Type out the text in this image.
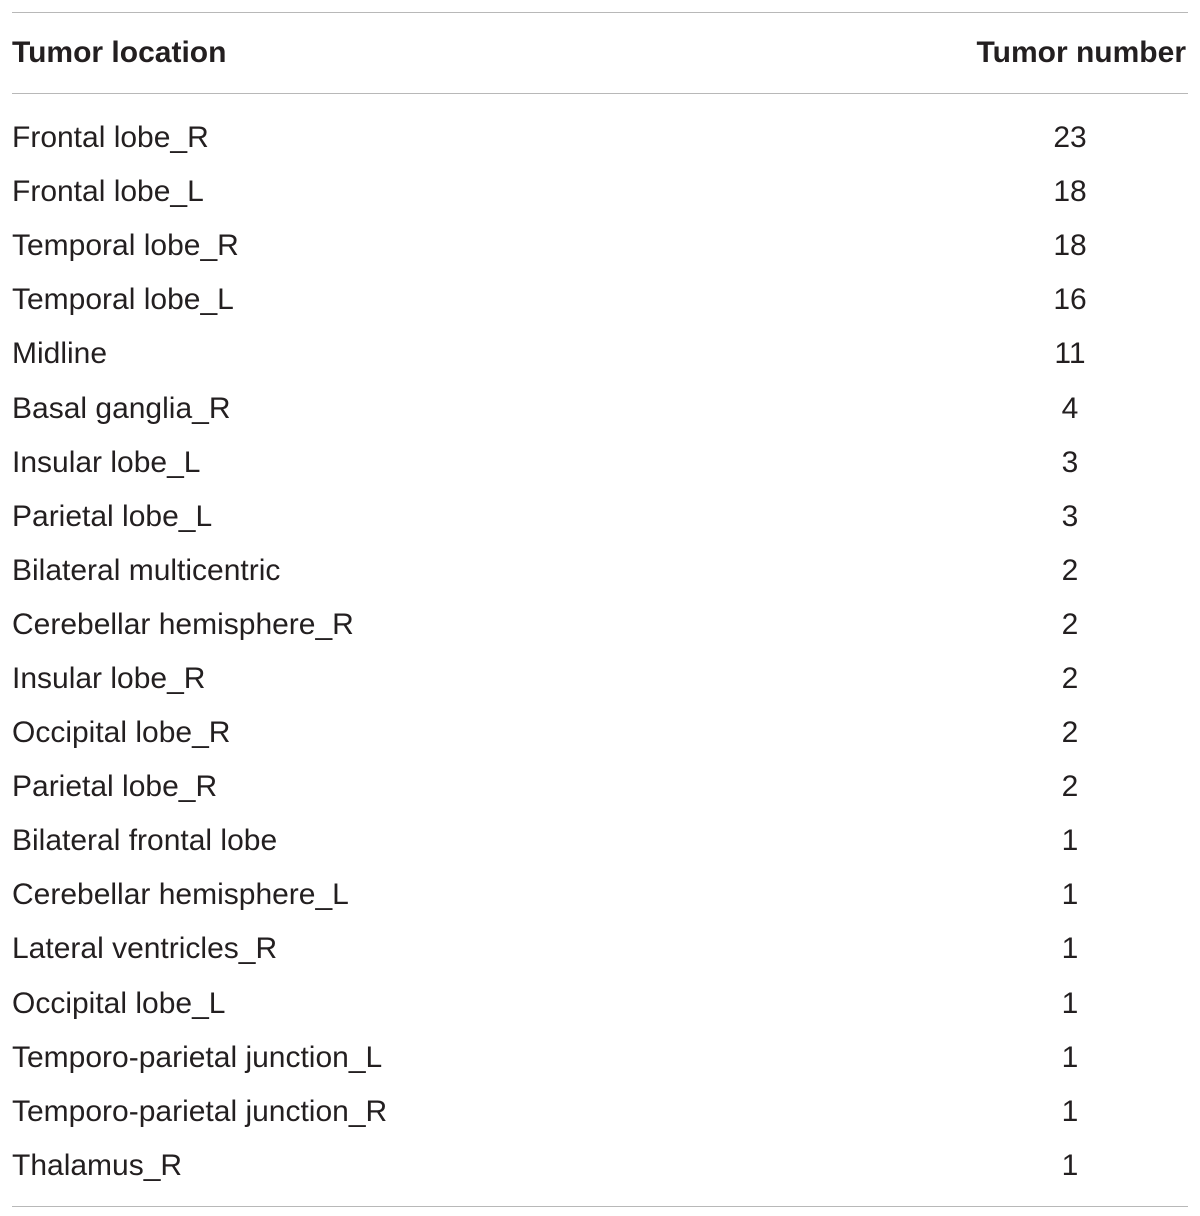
Tumor location	Tumor number
Frontal lobe_R	23
Frontal lobe_L	18
Temporal lobe_R	18
Temporal lobe_L	16
Midline	11
Basal ganglia_R	4
Insular lobe_L	3
Parietal lobe_L	3
Bilateral multicentric	2
Cerebellar hemisphere_R	2
Insular lobe_R	2
Occipital lobe_R	2
Parietal lobe_R	2
Bilateral frontal lobe	1
Cerebellar hemisphere_L	1
Lateral ventricles_R	1
Occipital lobe_L	1
Temporo-parietal junction_L	1
Temporo-parietal junction_R	1
Thalamus_R	1
